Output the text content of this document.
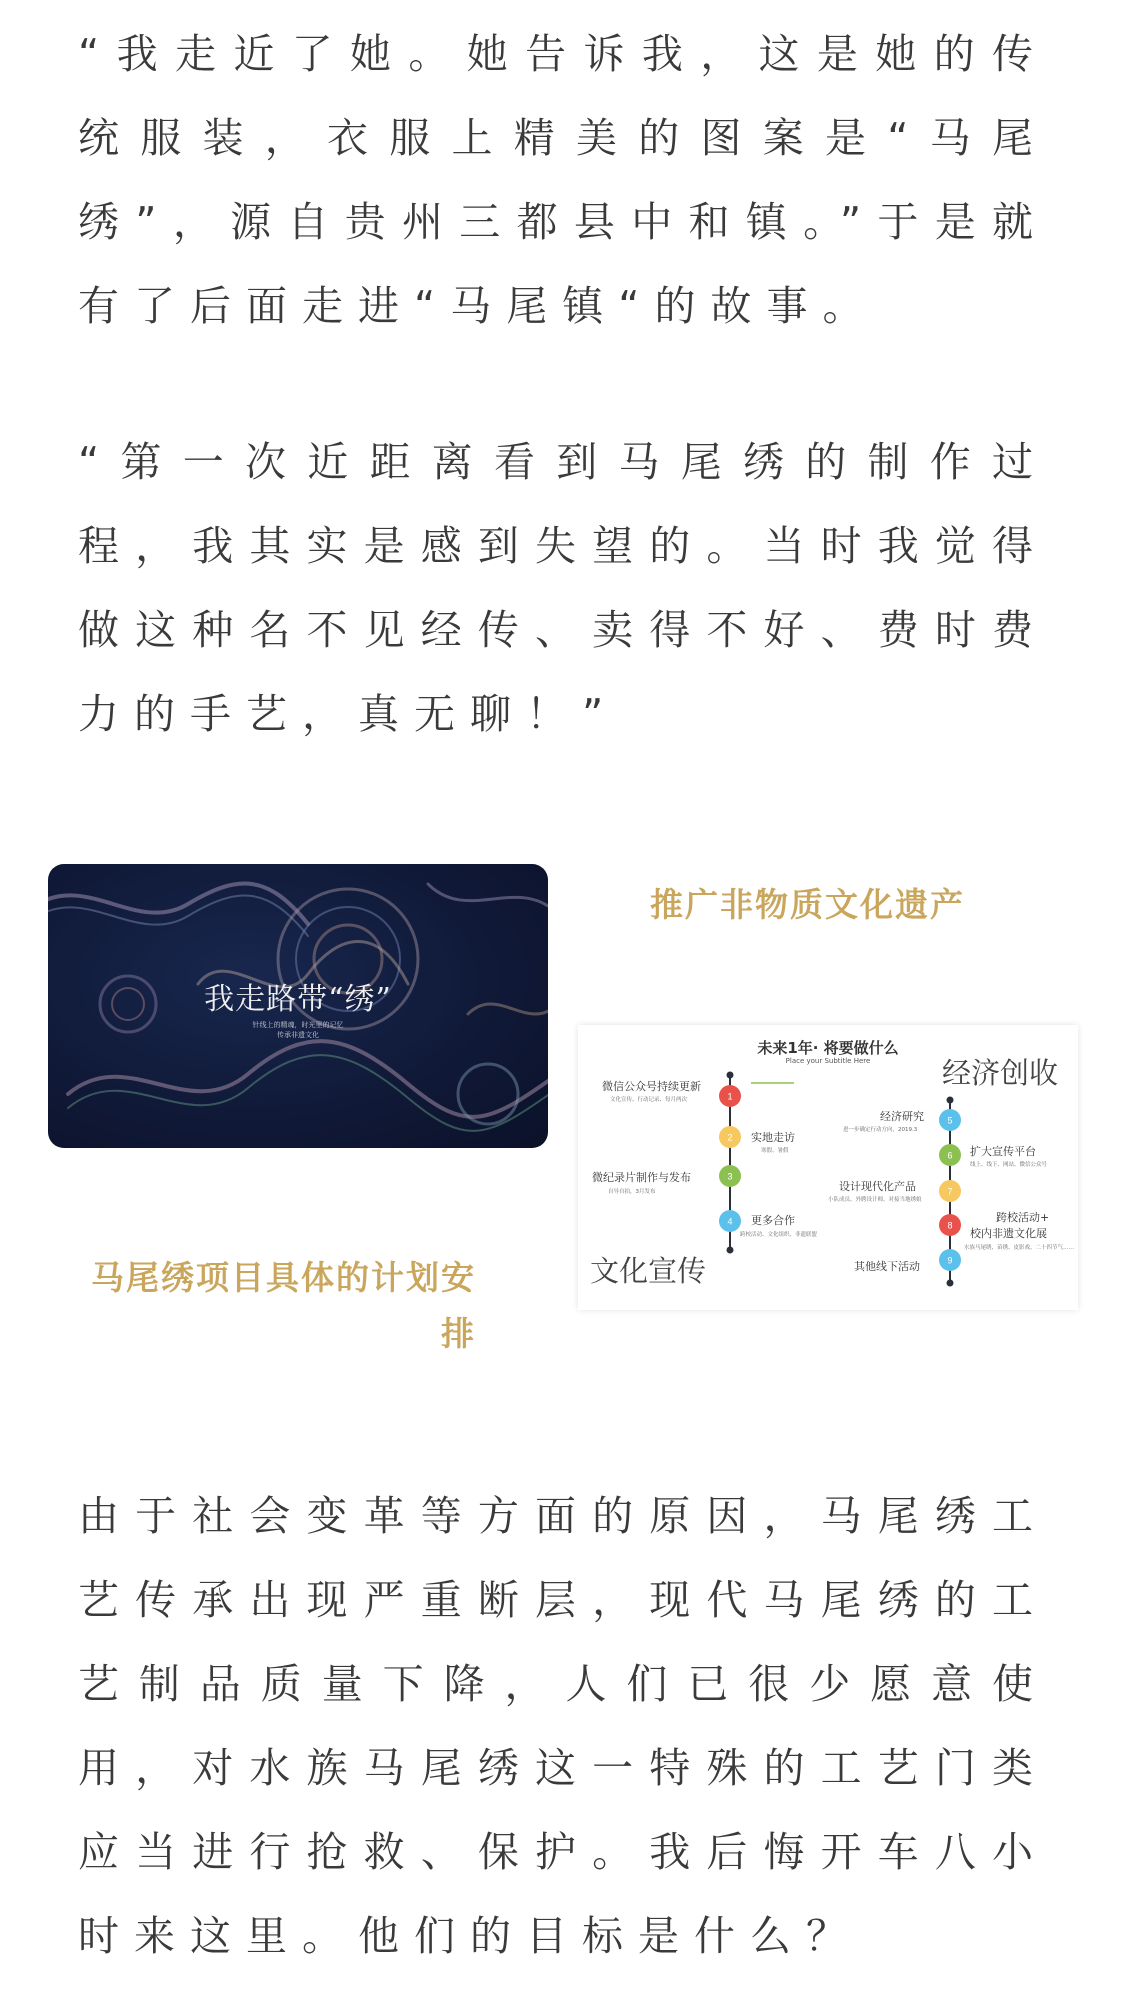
“我走近了她。她告诉我，这是她的传统服装，衣服上精美的图案是“马尾绣”，源自贵州三都县中和镇。”于是就有了后面走进“马尾镇“的故事。

“第一次近距离看到马尾绣的制作过程，我其实是感到失望的。当时我觉得做这种名不见经传、卖得不好、费时费力的手艺，真无聊！”

我走路带“绣”
针线上的精魂，时光里的记忆
传承非遗文化
推广非物质文化遗产
1
2
3
4
5
6
7
8
9
未来1年· 将要做什么
Place your Subtitle Here	经济创收
文化宣传
微信公众号持续更新
文化宣传、行动记录、每月两次
实地走访
寒假、暑假
微纪录片制作与发布
自导自拍，3月发布
更多合作
跨校活动、文化组织、非遗联盟
经济研究
进一步确定行动方向，2019.3
扩大宣传平台
线上、线下、网站、微信公众号
设计现代化产品
小队成员、外聘设计师、对接当地绣娘
跨校活动+
校内非遗文化展
水族马尾绣、苗绣、皮影戏、二十四节气……
其他线下活动
马尾绣项目具体的计划安排

由于社会变革等方面的原因，马尾绣工艺传承出现严重断层，现代马尾绣的工艺制品质量下降，人们已很少愿意使用，对水族马尾绣这一特殊的工艺门类应当进行抢救、保护。我后悔开车八小时来这里。他们的目标是什么？
